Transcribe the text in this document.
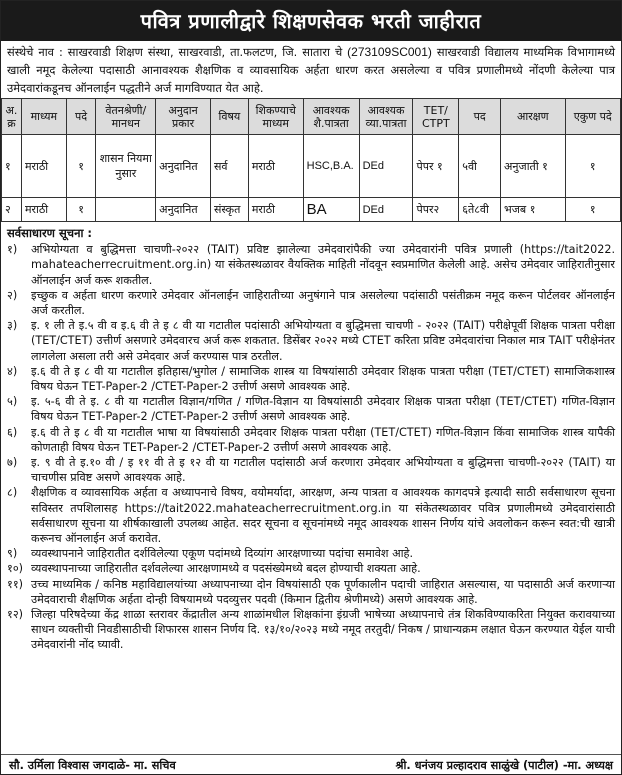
पवित्र प्रणालीद्वारे शिक्षणसेवक भरती जाहीरात
संस्थेचे नाव : साखरवाडी शिक्षण संस्था, साखरवाडी, ता.फलटण, जि. सातारा चे (273109SC001) साखरवाडी विद्यालय माध्यमिक विभागामध्ये खाली नमूद केलेल्या पदासाठी आनावश्यक शैक्षणिक व व्यावसायिक अर्हता धारण करत असलेल्या व पवित्र प्रणालीमध्ये नोंदणी केलेल्या पात्र उमेदवारांकडूनच ऑनलाईन पद्धतीने अर्ज मागविण्यात येत आहे.
अ. क्र	माध्यम	पदे	वेतनश्रेणी/ मानधन	अनुदान प्रकार	विषय	शिकण्याचे माध्यम	आवश्यक शै.पात्रता	आवश्यक व्या.पात्रता	TET/ CTPT	पद	आरक्षण	एकुण पदे
१	मराठी	१	शासन नियमा नुसार	अनुदानित	सर्व	मराठी	HSC,B.A.	DEd	पेपर १	५वी	अनुजाती १	१
२	मराठी	१		अनुदानित	संस्कृत	मराठी	BA	DEd	पेपर२	६ते८वी	भजब १	१
सर्वसाधारण सूचना :
१)	अभियोग्यता व बुद्धिमत्ता चाचणी-२०२२ (TAIT) प्रविष्ट झालेल्या उमेदवारांपैकी ज्या उमेदवारांनी पवित्र प्रणाली (https://tait2022. mahateacherrecruitment.org.in) या संकेतस्थळावर वैयक्तिक माहिती नोंदवून स्वप्रमाणित केलेली आहे. असेच उमेदवार जाहिरातीनुसार ऑनलाईन अर्ज करू शकतील.
२)	इच्छुक व अर्हता धारण करणारे उमेदवार ऑनलाईन जाहिरातीच्या अनुषंगाने पात्र असलेल्या पदांसाठी पसंतीक्रम नमूद करून पोर्टलवर ऑनलाईन अर्ज करतील.
३)	इ. १ ली ते इ.५ वी व इ.६ वी ते इ ८ वी या गटातील पदांसाठी अभियोग्यता व बुद्धिमत्ता चाचणी - २०२२ (TAIT) परीक्षेपूर्वी शिक्षक पात्रता परीक्षा (TET/CTET) उत्तीर्ण असणारे उमेदवारच अर्ज करू शकतात. डिसेंबर २०२२ मध्ये CTET करिता प्रविष्ट उमेदवारांचा निकाल मात्र TAIT परीक्षेनंतर लागलेला असला तरी असे उमेदवार अर्ज करण्यास पात्र ठरतील.
४)	इ.६ वी ते इ ८ वी या गटातील इतिहास/भुगोल / सामाजिक शास्त्र या विषयांसाठी उमेदवार शिक्षक पात्रता परीक्षा (TET/CTET) सामाजिकशास्त्र विषय घेऊन TET-Paper-2 /CTET-Paper-2 उत्तीर्ण असणे आवश्यक आहे.
५)	इ. ५-६ वी ते इ. ८ वी या गटातील विज्ञान/गणित / गणित-विज्ञान या विषयांसाठी उमेदवार शिक्षक पात्रता परीक्षा (TET/CTET) गणित-विज्ञान विषय घेऊन TET-Paper-2 /CTET-Paper-2 उत्तीर्ण असणे आवश्यक आहे.
६)	इ.६ वी ते इ ८ वी या गटातील भाषा या विषयांसाठी उमेदवार शिक्षक पात्रता परीक्षा (TET/CTET) गणित-विज्ञान किंवा सामाजिक शास्त्र यापैकी कोणताही विषय घेऊन TET-Paper-2 /CTET-Paper-2 उत्तीर्ण असणे आवश्यक आहे.
७)	इ. ९ वी ते इ.१० वी / इ ११ वी ते इ १२ वी या गटातील पदांसाठी अर्ज करणारा उमेदवार अभियोग्यता व बुद्धिमत्ता चाचणी-२०२२ (TAIT) या चाचणीस प्रविष्ट असणे आवश्यक आहे.
८)	शैक्षणिक व व्यावसायिक अर्हता व अध्यापनाचे विषय, वयोमर्यादा, आरक्षण, अन्य पात्रता व आवश्यक कागदपत्रे इत्यादी साठी सर्वसाधारण सूचना सविस्तर तपशिलासह https://tait2022.mahateacherrecruitment.org.in या संकेतस्थळावर पवित्र प्रणालीमध्ये उमेदवारांसाठी सर्वसाधारण सूचना या शीर्षकाखाली उपलब्ध आहेत. सदर सूचना व सूचनांमध्ये नमूद आवश्यक शासन निर्णय यांचे अवलोकन करून स्वत:ची खात्री करूनच ऑनलाईन अर्ज करावेत.
९)	व्यवस्थापनाने जाहिरातीत दर्शविलेल्या एकूण पदांमध्ये दिव्यांग आरक्षणाच्या पदांचा समावेश आहे.
१०) व्यवस्थापनाच्या जाहिरातीत दर्शवलेल्या आरक्षणामध्ये व पदसंख्येमध्ये बदल होण्याची शक्यता आहे.
११) उच्च माध्यमिक / कनिष्ठ महाविद्यालयांच्या अध्यापनाच्या दोन विषयांसाठी एक पूर्णकालीन पदाची जाहिरात असल्यास, या पदासाठी अर्ज करणाऱ्या उमेदवाराची शैक्षणिक अर्हता दोन्ही विषयामध्ये पदव्युत्तर पदवी (किमान द्वितीय श्रेणीमध्ये) असणे आवश्यक आहे.
१२) जिल्हा परिषदेच्या केंद्र शाळा स्तरावर केंद्रातील अन्य शाळांमधील शिक्षकांना इंग्रजी भाषेच्या अध्यापनाचे तंत्र शिकविण्याकरिता नियुक्त करावयाच्या साधन व्यक्तीची निवडीसाठीची शिफारस शासन निर्णय दि. १३/१०/२०२३ मध्ये नमूद तरतुदी/ निकष / प्राधान्यक्रम लक्षात घेऊन करण्यात येईल याची उमेदवारांनी नोंद घ्यावी.
सौ. उर्मिला विश्वास जगदाळे- मा. सचिव	श्री. धनंजय प्रल्हादराव साळुंखे (पाटील) -मा. अध्यक्ष
